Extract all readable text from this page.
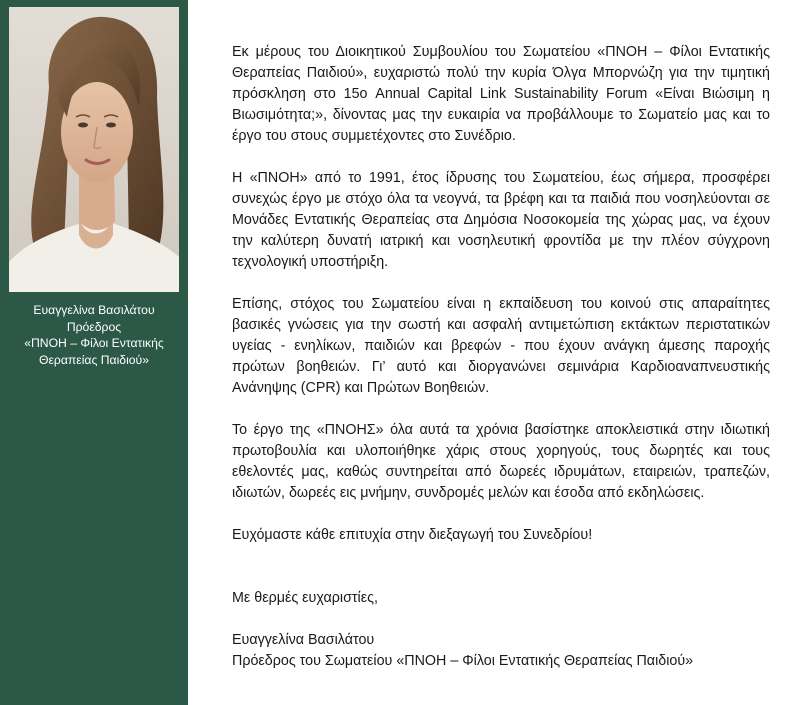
Ευαγγελίνα Βασιλάτου
Πρόεδρος
«ΠΝΟΗ – Φίλοι Εντατικής
Θεραπείας Παιδιού»

Εκ μέρους του Διοικητικού Συμβουλίου του Σωματείου «ΠΝΟΗ – Φίλοι Εντατικής Θεραπείας Παιδιού», ευχαριστώ πολύ την κυρία Όλγα Μπορνώζη για την τιμητική πρόσκληση στο 15ο Annual Capital Link Sustainability Forum «Είναι Βιώσιμη η Βιωσιμότητα;», δίνοντας μας την ευκαιρία να προβάλλουμε το Σωματείο μας και το έργο του στους συμμετέχοντες στο Συνέδριο.

Η «ΠΝΟΗ» από το 1991, έτος ίδρυσης του Σωματείου, έως σήμερα, προσφέρει συνεχώς έργο με στόχο όλα τα νεογνά, τα βρέφη και τα παιδιά που νοσηλεύονται σε Μονάδες Εντατικής Θεραπείας στα Δημόσια Νοσοκομεία της χώρας μας, να έχουν την καλύτερη δυνατή ιατρική και νοσηλευτική φροντίδα με την πλέον σύγχρονη τεχνολογική υποστήριξη.

Επίσης, στόχος του Σωματείου είναι η εκπαίδευση του κοινού στις απαραίτητες βασικές γνώσεις για την σωστή και ασφαλή αντιμετώπιση εκτάκτων περιστατικών υγείας - ενηλίκων, παιδιών και βρεφών - που έχουν ανάγκη άμεσης παροχής πρώτων βοηθειών. Γι’ αυτό και διοργανώνει σεμινάρια Καρδιοαναπνευστικής Ανάνηψης (CPR) και Πρώτων Βοηθειών.

Το έργο της «ΠΝΟΗΣ» όλα αυτά τα χρόνια βασίστηκε αποκλειστικά στην ιδιωτική πρωτοβουλία και υλοποιήθηκε χάρις στους χορηγούς, τους δωρητές και τους εθελοντές μας, καθώς συντηρείται από δωρεές ιδρυμάτων, εταιρειών, τραπεζών, ιδιωτών, δωρεές εις μνήμην, συνδρομές μελών και έσοδα από εκδηλώσεις.

Ευχόμαστε κάθε επιτυχία στην διεξαγωγή του Συνεδρίου!

Με θερμές ευχαριστίες,

Ευαγγελίνα Βασιλάτου
Πρόεδρος του Σωματείου «ΠΝΟΗ – Φίλοι Εντατικής Θεραπείας Παιδιού»
